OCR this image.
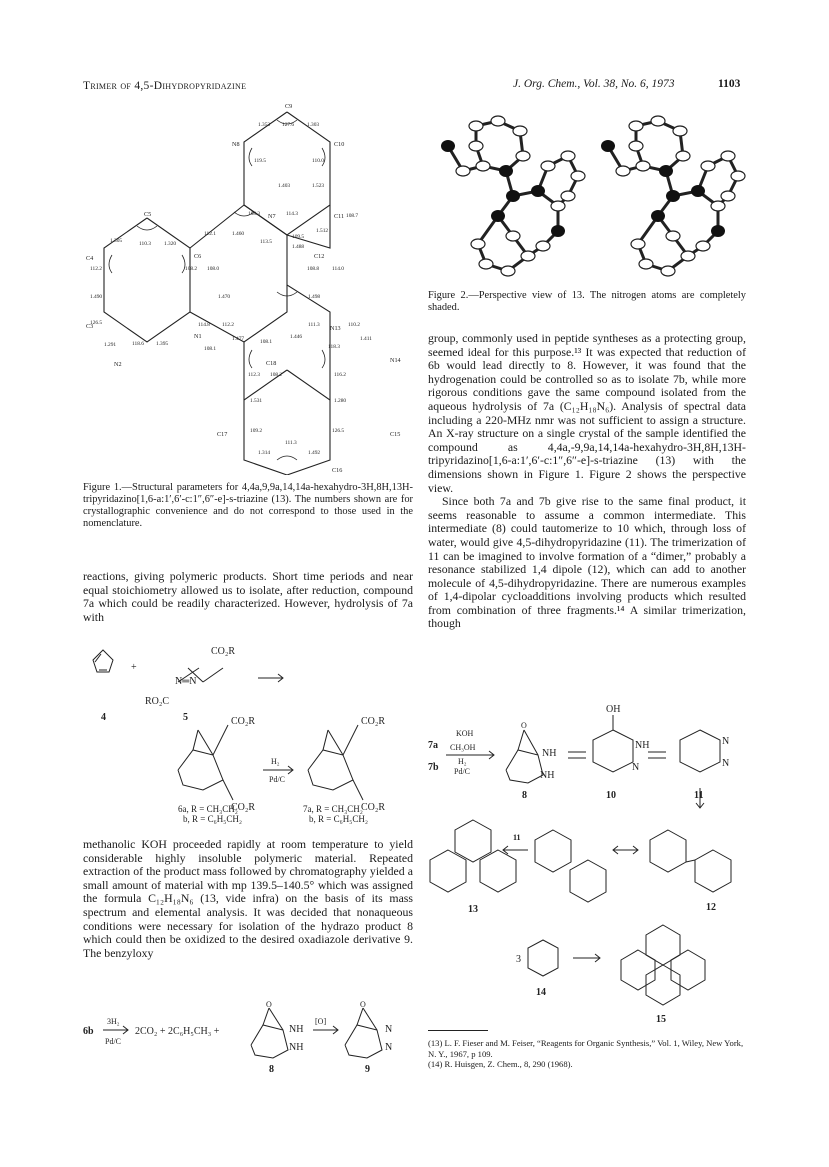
Trimer of 4,5-Dihydropyridazine	J. Org. Chem., Vol. 38, No. 6, 1973	1103
C9
N8	C10
N7	C11
C5
C6	C12
C4
C3
N1
N13
N2
N14
C18
C17	C15
C16
1.353 127.6 1.303
119.5	110.0
1.403	1.523
108.3	114.3	108.7
110.3 1.320
112.1	1.460
113.5
109.5
1.488
1.512
1.305
112.2	108.2 108.0	108.8 114.0
1.490	1.470	1.498
126.5	114.8 112.2	111.3	110.2
1.291	118.6 1.395
108.1
1.477	108.1
1.446
118.3
1.411
112.3 108.2	116.2
1.531	1.280
109.2	126.5
111.3
1.314	1.492
Figure 1.—Structural parameters for 4,4a,9,9a,14,14a-hexahydro-3H,8H,13H-tripyridazino[1,6-a:1′,6′-c:1″,6″-e]-s-triazine (13). The numbers shown are for crystallographic convenience and do not correspond to those used in the nomenclature.
Figure 2.—Perspective view of 13. The nitrogen atoms are completely shaded.

reactions, giving polymeric products. Short time periods and near equal stoichiometry allowed us to isolate, after reduction, compound 7a which could be readily characterized. However, hydrolysis of 7a with

+
CO₂R
N═N
RO₂C
4	5	CO₂R
CO₂R
H₂
Pd/C
CO₂R
CO₂R
6a, R = CH₃CH₂
b, R = C₆H₅CH₂
7a, R = CH₃CH₂
b, R = C₆H₅CH₂

methanolic KOH proceeded rapidly at room temperature to yield considerable highly insoluble polymeric material. Repeated extraction of the product mass followed by chromatography yielded a small amount of material with mp 139.5–140.5° which was assigned the formula C₁₂H₁₈N₆ (13, vide infra) on the basis of its mass spectrum and elemental analysis. It was decided that nonaqueous conditions were necessary for isolation of the hydrazo product 8 which could then be oxidized to the desired oxadiazole derivative 9. The benzyloxy

6b
3H₂
Pd/C
2CO₂ + 2C₆H₅CH₃ +
O
NH
NH
[O]
O
N
N
8	9

group, commonly used in peptide syntheses as a protecting group, seemed ideal for this purpose.¹³ It was expected that reduction of 6b would lead directly to 8. However, it was found that the hydrogenation could be controlled so as to isolate 7b, while more rigorous conditions gave the same compound isolated from the aqueous hydrolysis of 7a (C₁₂H₁₈N₆). Analysis of spectral data including a 220-MHz nmr was not sufficient to assign a structure. An X-ray structure on a single crystal of the sample identified the compound as 4,4a,-9,9a,14,14a-hexahydro-3H,8H,13H-tripyridazino[1,6-a:1′,6′-c:1″,6″-e]-s-triazine (13) with the dimensions shown in Figure 1. Figure 2 shows the perspective view.

Since both 7a and 7b give rise to the same final product, it seems reasonable to assume a common intermediate. This intermediate (8) could tautomerize to 10 which, through loss of water, would give 4,5-dihydropyridazine (11). The trimerization of 11 can be imagined to involve formation of a “dimer,” probably a resonance stabilized 1,4 dipole (12), which can add to another molecule of 4,5-dihydropyridazine. There are numerous examples of 1,4-dipolar cycloadditions involving products which resulted from combination of three fragments.¹⁴ A similar trimerization, though

7a
7b
KOH
CH₃OH
H₂
Pd/C
O
NH
NH
OH
NH
N
N
N
8	10	11
11
12
13
3
14
15
(13) L. F. Fieser and M. Feiser, “Reagents for Organic Synthesis,” Vol. 1, Wiley, New York, N. Y., 1967, p 109.
(14) R. Huisgen, Z. Chem., 8, 290 (1968).
